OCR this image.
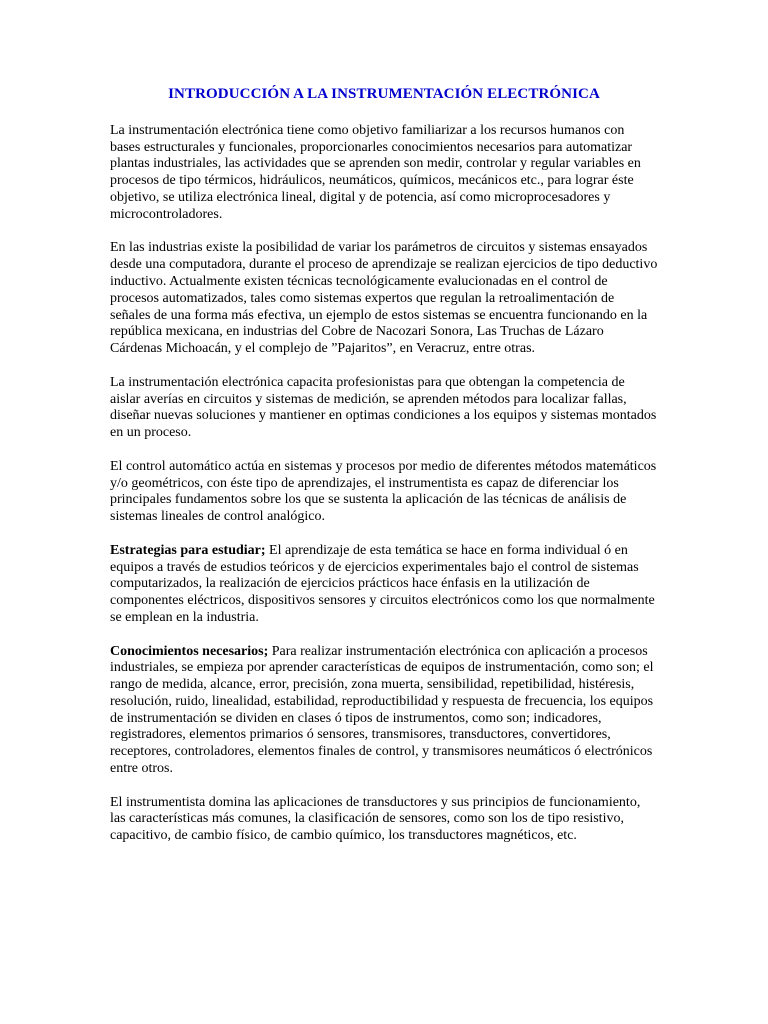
INTRODUCCIÓN A LA INSTRUMENTACIÓN ELECTRÓNICA

La instrumentación electrónica tiene como objetivo familiarizar a los recursos humanos con bases estructurales y funcionales, proporcionarles conocimientos necesarios para automatizar plantas industriales, las actividades que se aprenden son medir, controlar y regular variables en procesos de tipo térmicos, hidráulicos, neumáticos, químicos, mecánicos etc., para lograr éste objetivo, se utiliza electrónica lineal, digital y de potencia, así como microprocesadores y microcontroladores.

En las industrias existe la posibilidad de variar los parámetros de circuitos y sistemas ensayados desde una computadora, durante el proceso de aprendizaje se realizan ejercicios de tipo deductivo inductivo. Actualmente existen técnicas tecnológicamente evalucionadas en el control de procesos automatizados, tales como sistemas expertos que regulan la retroalimentación de señales de una forma más efectiva, un ejemplo de estos sistemas se encuentra funcionando en la república mexicana, en industrias del Cobre de Nacozari Sonora, Las Truchas de Lázaro Cárdenas Michoacán, y el complejo de ”Pajaritos”, en Veracruz, entre otras.

La instrumentación electrónica capacita profesionistas para que obtengan la competencia de aislar averías en circuitos y sistemas de medición, se aprenden métodos para localizar fallas, diseñar nuevas soluciones y mantiener en optimas condiciones a los equipos y sistemas montados en un proceso.

El control automático actúa en sistemas y procesos por medio de diferentes métodos matemáticos y/o geométricos, con éste tipo de aprendizajes, el instrumentista es capaz de diferenciar los principales fundamentos sobre los que se sustenta la aplicación de las técnicas de análisis de sistemas lineales de control analógico.

Estrategias para estudiar; El aprendizaje de esta temática se hace en forma individual ó en equipos a través de estudios teóricos y de ejercicios experimentales bajo el control de sistemas computarizados, la realización de ejercicios prácticos hace énfasis en la utilización de componentes eléctricos, dispositivos sensores y circuitos electrónicos como los que normalmente se emplean en la industria.

Conocimientos necesarios; Para realizar instrumentación electrónica con aplicación a procesos industriales, se empieza por aprender características de equipos de instrumentación, como son; el rango de medida, alcance, error, precisión, zona muerta, sensibilidad, repetibilidad, histéresis, resolución, ruido, linealidad, estabilidad, reproductibilidad y respuesta de frecuencia, los equipos de instrumentación se dividen en clases ó tipos de instrumentos, como son; indicadores, registradores, elementos primarios ó sensores, transmisores, transductores, convertidores, receptores, controladores, elementos finales de control, y transmisores neumáticos ó electrónicos entre otros.

El instrumentista domina las aplicaciones de transductores y sus principios de funcionamiento, las características más comunes, la clasificación de sensores, como son los de tipo resistivo, capacitivo, de cambio físico, de cambio químico, los transductores magnéticos, etc.
